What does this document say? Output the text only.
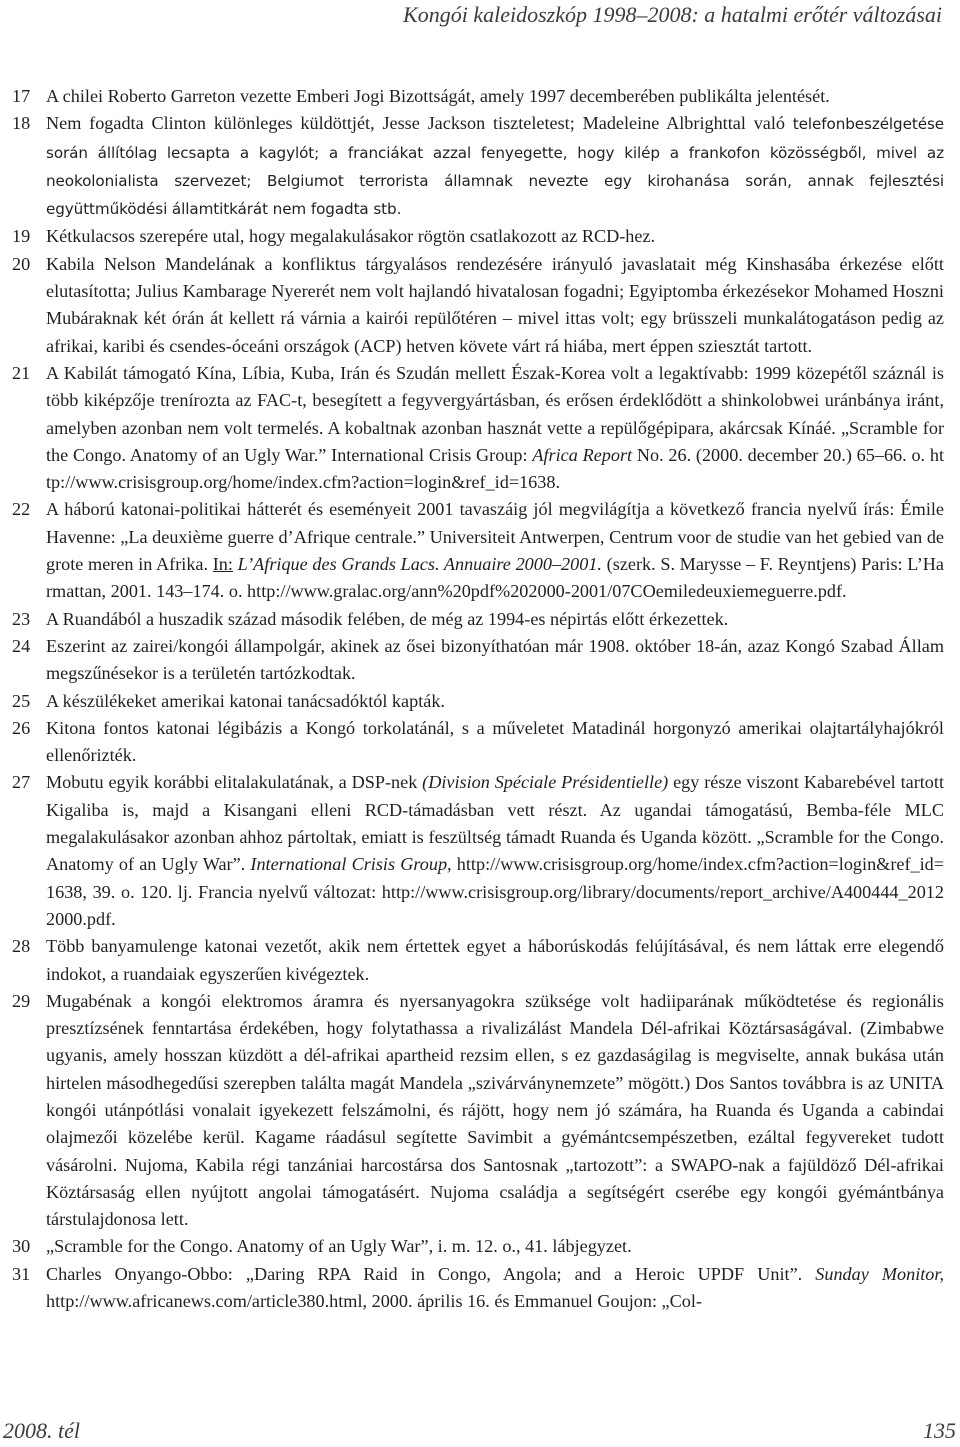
Kongói kaleidoszkóp 1998–2008: a hatalmi erőtér változásai

17 A chilei Roberto Garreton vezette Emberi Jogi Bizottságát, amely 1997 decemberében publikálta jelentését.

18 Nem fogadta Clinton különleges küldöttjét, Jesse Jackson tiszteletest; Madeleine Albrighttal való telefonbeszélgetése során állítólag lecsapta a kagylót; a franciákat azzal fenyegette, hogy kilép a frankofon közösségből, mivel az neokolonialista szervezet; Belgiumot terrorista államnak nevezte egy kirohanása során, annak fejlesztési együttműködési államtitkárát nem fogadta stb.

19 Kétkulacsos szerepére utal, hogy megalakulásakor rögtön csatlakozott az RCD-hez.

20 Kabila Nelson Mandelának a konfliktus tárgyalásos rendezésére irányuló javaslatait még Kinshasába érkezése előtt elutasította; Julius Kambarage Nyererét nem volt hajlandó hivatalosan fogadni; Egyiptomba érkezésekor Mohamed Hoszni Mubáraknak két órán át kellett rá várnia a kairói repülőtéren – mivel ittas volt; egy brüsszeli munkalátogatáson pedig az afrikai, karibi és csendes-óceáni országok (ACP) hetven követe várt rá hiába, mert éppen sziesztát tartott.

21 A Kabilát támogató Kína, Líbia, Kuba, Irán és Szudán mellett Észak-Korea volt a legaktívabb: 1999 közepétől száznál is több kiképzője trenírozta az FAC-t, besegített a fegyvergyártásban, és erősen érdeklődött a shinkolobwei uránbánya iránt, amelyben azonban nem volt termelés. A kobaltnak azonban hasznát vette a repülőgépipara, akárcsak Kínáé. „Scramble for the Congo. Anatomy of an Ugly War.” International Crisis Group: Africa Report No. 26. (2000. december 20.) 65–66. o. http://www.crisisgroup.org/home/index.cfm?action=login&ref_id=1638.

22 A háború katonai-politikai hátterét és eseményeit 2001 tavaszáig jól megvilágítja a következő francia nyelvű írás: Émile Havenne: „La deuxième guerre d’Afrique centrale.” Universiteit Antwerpen, Centrum voor de studie van het gebied van de grote meren in Afrika. In: L’Afrique des Grands Lacs. Annuaire 2000–2001. (szerk. S. Marysse – F. Reyntjens) Paris: L’Harmattan, 2001. 143–174. o. http://www.gralac.org/ann%20pdf%202000-2001/07COemiledeuxiemeguerre.pdf.

23 A Ruandából a huszadik század második felében, de még az 1994-es népirtás előtt érkezettek.

24 Eszerint az zairei/kongói állampolgár, akinek az ősei bizonyíthatóan már 1908. október 18-án, azaz Kongó Szabad Állam megszűnésekor is a területén tartózkodtak.

25 A készülékeket amerikai katonai tanácsadóktól kapták.

26 Kitona fontos katonai légibázis a Kongó torkolatánál, s a műveletet Matadinál horgonyzó amerikai olajtartályhajókról ellenőrizték.

27 Mobutu egyik korábbi elitalakulatának, a DSP-nek (Division Spéciale Présidentielle) egy része viszont Kabarebével tartott Kigaliba is, majd a Kisangani elleni RCD-támadásban vett részt. Az ugandai támogatású, Bemba-féle MLC megalakulásakor azonban ahhoz pártoltak, emiatt is feszültség támadt Ruanda és Uganda között. „Scramble for the Congo. Anatomy of an Ugly War”. International Crisis Group, http://www.crisisgroup.org/home/index.cfm?action=login&ref_id=1638, 39. o. 120. lj. Francia nyelvű változat: http://www.crisisgroup.org/library/documents/report_archive/A400444_20122000.pdf.

28 Több banyamulenge katonai vezetőt, akik nem értettek egyet a háborúskodás felújításával, és nem láttak erre elegendő indokot, a ruandaiak egyszerűen kivégeztek.

29 Mugabénak a kongói elektromos áramra és nyersanyagokra szüksége volt hadiiparának működtetése és regionális presztízsének fenntartása érdekében, hogy folytathassa a rivalizálást Mandela Dél-afrikai Köztársaságával. (Zimbabwe ugyanis, amely hosszan küzdött a dél-afrikai apartheid rezsim ellen, s ez gazdaságilag is megviselte, annak bukása után hirtelen másodhegedűsi szerepben találta magát Mandela „szivárványnemzete” mögött.) Dos Santos továbbra is az UNITA kongói utánpótlási vonalait igyekezett felszámolni, és rájött, hogy nem jó számára, ha Ruanda és Uganda a cabindai olajmezői közelébe kerül. Kagame ráadásul segítette Savimbit a gyémántcsempészetben, ezáltal fegyvereket tudott vásárolni. Nujoma, Kabila régi tanzániai harcostársa dos Santosnak „tartozott”: a SWAPO-nak a fajüldöző Dél-afrikai Köztársaság ellen nyújtott angolai támogatásért. Nujoma családja a segítségért cserébe egy kongói gyémántbánya társtulajdonosa lett.

30 „Scramble for the Congo. Anatomy of an Ugly War”, i. m. 12. o., 41. lábjegyzet.

31 Charles Onyango-Obbo: „Daring RPA Raid in Congo, Angola; and a Heroic UPDF Unit”. Sunday Monitor, http://www.africanews.com/article380.html, 2000. április 16. és Emmanuel Goujon: „Col-

2008. tél	135
